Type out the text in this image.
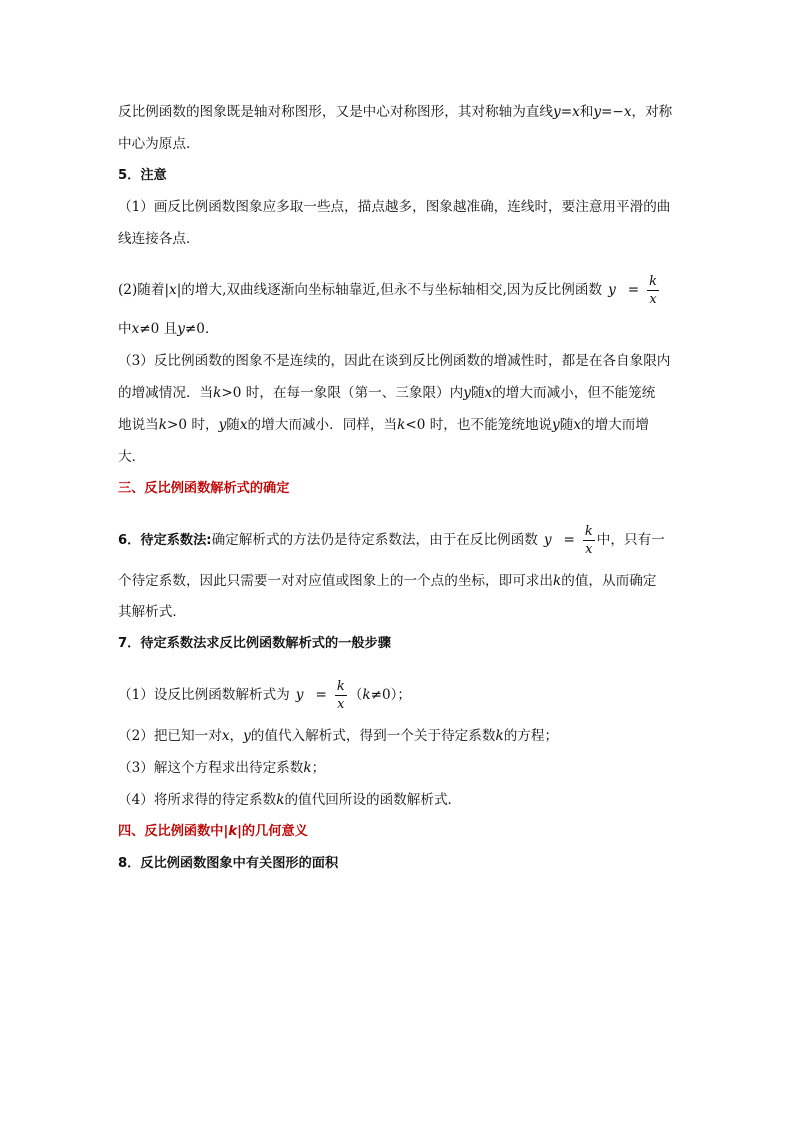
反比例函数的图象既是轴对称图形，又是中心对称图形，其对称轴为直线y=x和y=−x，对称
中心为原点．
5．注意
（1）画反比例函数图象应多取一些点，描点越多，图象越准确，连线时，要注意用平滑的曲
线连接各点．
(2)随着|x|的增大,双曲线逐渐向坐标轴靠近,但永不与坐标轴相交,因为反比例函数 $y = \frac{k}{x}$
中x≠0 且y≠0．
（3）反比例函数的图象不是连续的，因此在谈到反比例函数的增减性时，都是在各自象限内
的增减情况．当k>0 时，在每一象限（第一、三象限）内y随x的增大而减小，但不能笼统
地说当k>0 时，y随x的增大而减小．同样，当k<0 时，也不能笼统地说y随x的增大而增
大．
三、反比例函数解析式的确定
6．待定系数法:确定解析式的方法仍是待定系数法，由于在反比例函数 $y = \frac{k}{x}$ 中，只有一
个待定系数，因此只需要一对对应值或图象上的一个点的坐标，即可求出k的值，从而确定
其解析式．
7．待定系数法求反比例函数解析式的一般步骤
（1）设反比例函数解析式为 $y = \frac{k}{x} (k\ne 0)$；
（2）把已知一对x，y的值代入解析式，得到一个关于待定系数k的方程；
（3）解这个方程求出待定系数k；
（4）将所求得的待定系数k的值代回所设的函数解析式．
四、反比例函数中|k|的几何意义
8．反比例函数图象中有关图形的面积
